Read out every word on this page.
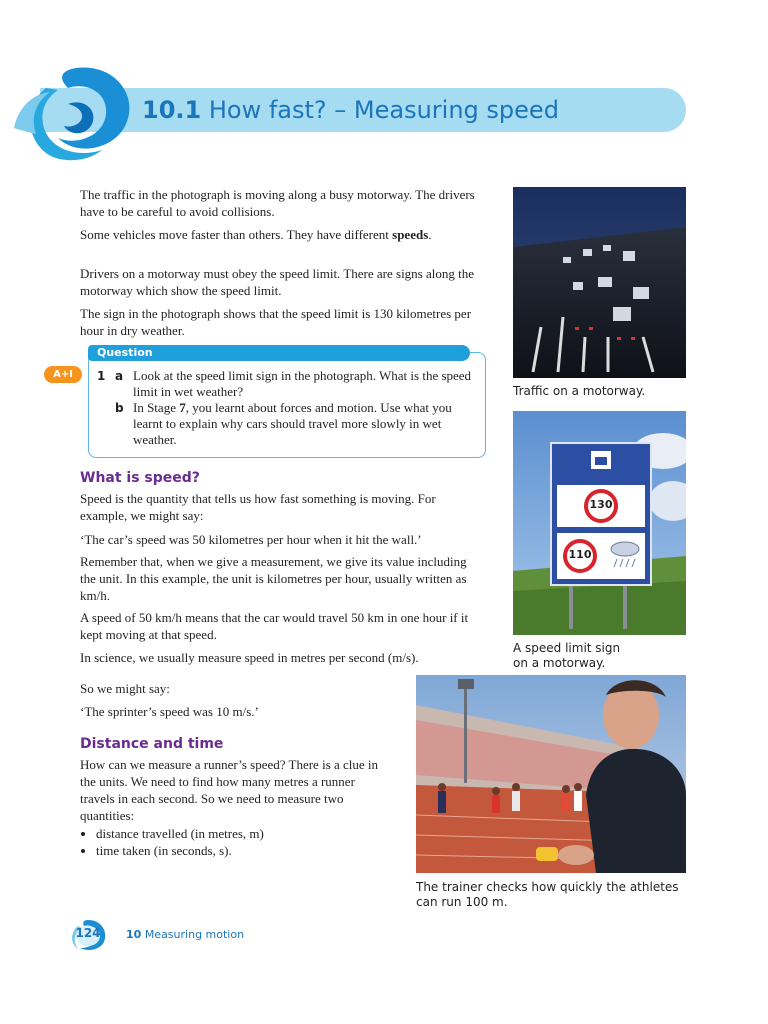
10.1 How fast? – Measuring speed
The traffic in the photograph is moving along a busy motorway. The drivers have to be careful to avoid collisions.
Some vehicles move faster than others. They have different speeds.
Drivers on a motorway must obey the speed limit. There are signs along the motorway which show the speed limit.
The sign in the photograph shows that the speed limit is 130 kilometres per hour in dry weather.
Question
A+I	1 a Look at the speed limit sign in the photograph. What is the speed limit in wet weather?
b In Stage 7, you learnt about forces and motion. Use what you learnt to explain why cars should travel more slowly in wet weather.
What is speed?
Speed is the quantity that tells us how fast something is moving. For example, we might say:
‘The car’s speed was 50 kilometres per hour when it hit the wall.’
Remember that, when we give a measurement, we give its value including the unit. In this example, the unit is kilometres per hour, usually written as km/h.
A speed of 50 km/h means that the car would travel 50 km in one hour if it kept moving at that speed.
In science, we usually measure speed in metres per second (m/s).
So we might say:
‘The sprinter’s speed was 10 m/s.’
Distance and time
How can we measure a runner’s speed? There is a clue in the units. We need to find how many metres a runner travels in each second. So we need to measure two quantities:
• distance travelled (in metres, m)
• time taken (in seconds, s).
Traffic on a motorway.
130
110
A speed limit sign
on a motorway.
The trainer checks how quickly the athletes
can run 100 m.
124	10 Measuring motion
